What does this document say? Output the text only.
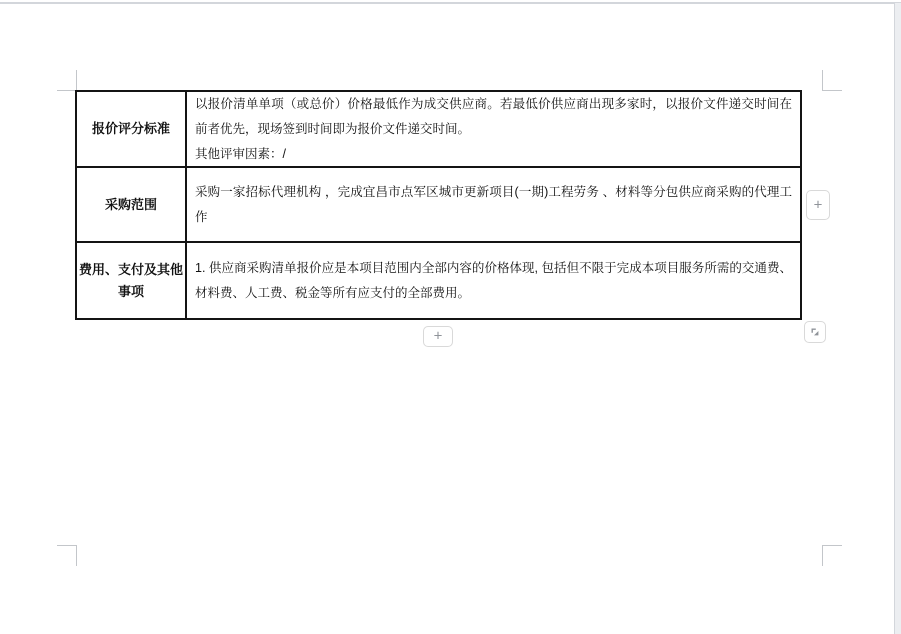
报价评分标准

以报价清单单项（或总价）价格最低作为成交供应商。若最低价供应商出现多家时，以报价文件递交时间在前者优先，现场签到时间即为报价文件递交时间。

其他评审因素：/

采购范围

采购一家招标代理机构 ，完成宜昌市点军区城市更新项目(一期)工程劳务 、材料等分包供应商采购的代理工作

费用、支付及其他事项

1. 供应商采购清单报价应是本项目范围内全部内容的价格体现, 包括但不限于完成本项目服务所需的交通费、材料费、人工费、税金等所有应支付的全部费用。

+
+
